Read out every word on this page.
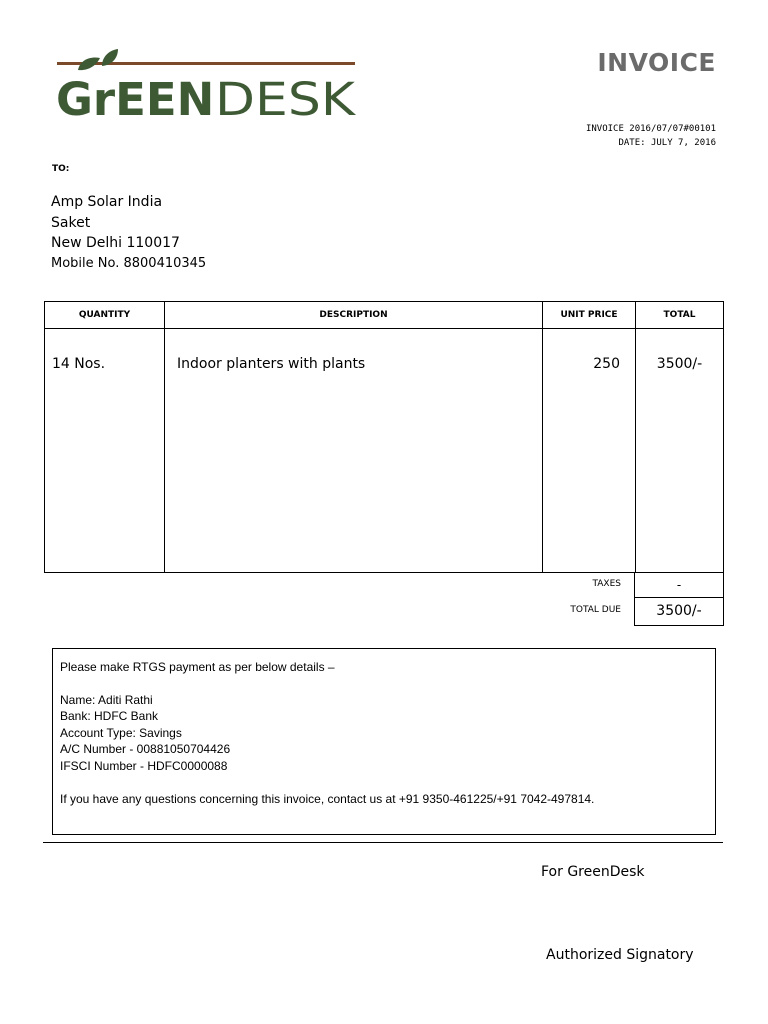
GrEEN DESK
INVOICE
INVOICE 2016/07/07#00101
DATE: JULY 7, 2016
TO:
Amp Solar India
Saket
New Delhi 110017
Mobile No. 8800410345
QUANTITY	DESCRIPTION	UNIT PRICE	TOTAL
14 Nos.	Indoor planters with plants	250	3500/-
TAXES	-
TOTAL DUE	3500/-
Please make RTGS payment as per below details –
Name: Aditi Rathi
Bank: HDFC Bank
Account Type: Savings
A/C Number - 00881050704426
IFSCI Number - HDFC0000088
If you have any questions concerning this invoice, contact us at +91 9350-461225/+91 7042-497814.
For GreenDesk
Authorized Signatory
